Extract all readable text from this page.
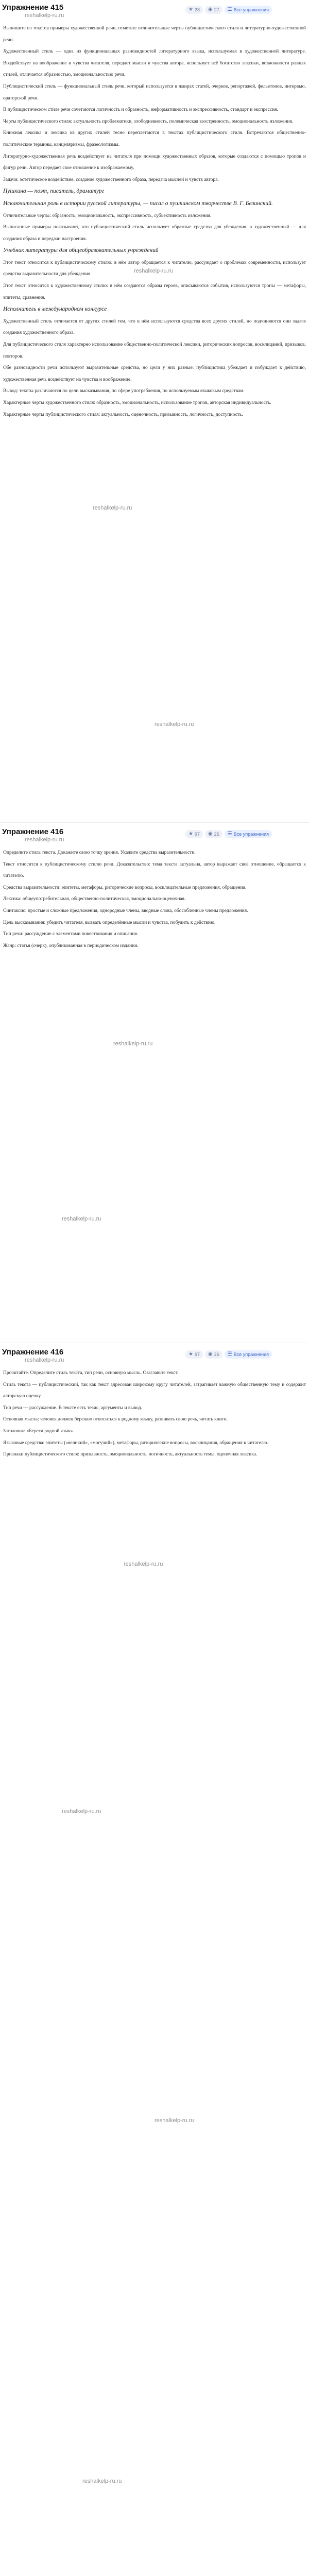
Упражнение 415	★ 28 ◉ 27 ☰ Все упражнения
reshalkelp-ru.ru

Выпишите из текстов примеры художественной речи, отметьте отличительные черты публицистического стиля и литературно-художественной речи.

Художественный стиль — одна из функциональных разновидностей литературного языка, используемая в художественной литературе. Воздействует на воображение и чувства читателя, передает мысли и чувства автора, использует всё богатство лексики, возможности разных стилей, отличается образностью, эмоциональностью речи.

Публицистический стиль — функциональный стиль речи, который используется в жанрах статей, очерков, репортажей, фельетонов, интервью, ораторской речи.

В публицистическом стиле речи сочетаются логичность и образность, информативность и экспрессивность, стандарт и экспрессия.

Черты публицистического стиля: актуальность проблематики, злободневность, полемическая заостренность, эмоциональность изложения.

Книжная лексика и лексика из других стилей тесно переплетаются в текстах публицистического стиля. Встречаются общественно-политические термины, канцеляризмы, фразеологизмы.

Литературно-художественная речь воздействует на читателя при помощи художественных образов, которые создаются с помощью тропов и фигур речи. Автор передает свое отношение к изображаемому.

Задачи: эстетическое воздействие, создание художественного образа, передача мыслей и чувств автора.

Пушкина — поэт, писатель, драматург

Исключительная роль в истории русской литературы, — писал о пушкинском творчестве В. Г. Белинский.

Отличительные черты: образность, эмоциональность, экспрессивность, субъективность изложения.

Выписанные примеры показывают, что публицистический стиль использует образные средства для убеждения, а художественный — для создания образа и передачи настроения.

Учебник литературы для общеобразовательных учреждений

Этот текст относится к публицистическому стилю: в нём автор обращается к читателю, рассуждает о проблемах современности, использует средства выразительности для убеждения.

Этот текст относится к художественному стилю: в нём создаются образы героев, описываются события, используются тропы — метафоры, эпитеты, сравнения.

Исполнитель в международном конкурсе

Художественный стиль отличается от других стилей тем, что в нём используются средства всех других стилей, но подчиняются они задаче создания художественного образа.

Для публицистического стиля характерно использование общественно-политической лексики, риторических вопросов, восклицаний, призывов, повторов.

Обе разновидности речи используют выразительные средства, но цели у них разные: публицистика убеждает и побуждает к действию, художественная речь воздействует на чувства и воображение.

Вывод: тексты различаются по цели высказывания, по сфере употребления, по используемым языковым средствам.

Характерные черты художественного стиля: образность, эмоциональность, использование тропов, авторская индивидуальность.

Характерные черты публицистического стиля: актуальность, оценочность, призывность, логичность, доступность.

reshalkelp-ru.ru
reshalkelp-ru.ru
reshalkelp-ru.ru
Упражнение 416	★ 97 ◉ 26 ☰ Все упражнения
reshalkelp-ru.ru

Определите стиль текста. Докажите свою точку зрения. Укажите средства выразительности.

Текст относится к публицистическому стилю речи. Доказательство: тема текста актуальна, автор выражает своё отношение, обращается к читателю.

Средства выразительности: эпитеты, метафоры, риторические вопросы, восклицательные предложения, обращения.

Лексика: общеупотребительная, общественно-политическая, эмоционально-оценочная.

Синтаксис: простые и сложные предложения, однородные члены, вводные слова, обособленные члены предложения.

Цель высказывания: убедить читателя, вызвать определённые мысли и чувства, побудить к действию.

Тип речи: рассуждение с элементами повествования и описания.

Жанр: статья (очерк), опубликованная в периодическом издании.

reshalkelp-ru.ru
reshalkelp-ru.ru
Упражнение 416	★ 97 ◉ 26 ☰ Все упражнения
reshalkelp-ru.ru

Прочитайте. Определите стиль текста, тип речи, основную мысль. Озаглавьте текст.

Стиль текста — публицистический, так как текст адресован широкому кругу читателей, затрагивает важную общественную тему и содержит авторскую оценку.

Тип речи — рассуждение. В тексте есть тезис, аргументы и вывод.

Основная мысль: человек должен бережно относиться к родному языку, развивать свою речь, читать книги.

Заголовок: «Береги родной язык».

Языковые средства: эпитеты («великий», «могучий»), метафоры, риторические вопросы, восклицания, обращения к читателю.

Признаки публицистического стиля: призывность, эмоциональность, логичность, актуальность темы, оценочная лексика.

reshalkelp-ru.ru
reshalkelp-ru.ru
reshalkelp-ru.ru
reshalkelp-ru.ru
